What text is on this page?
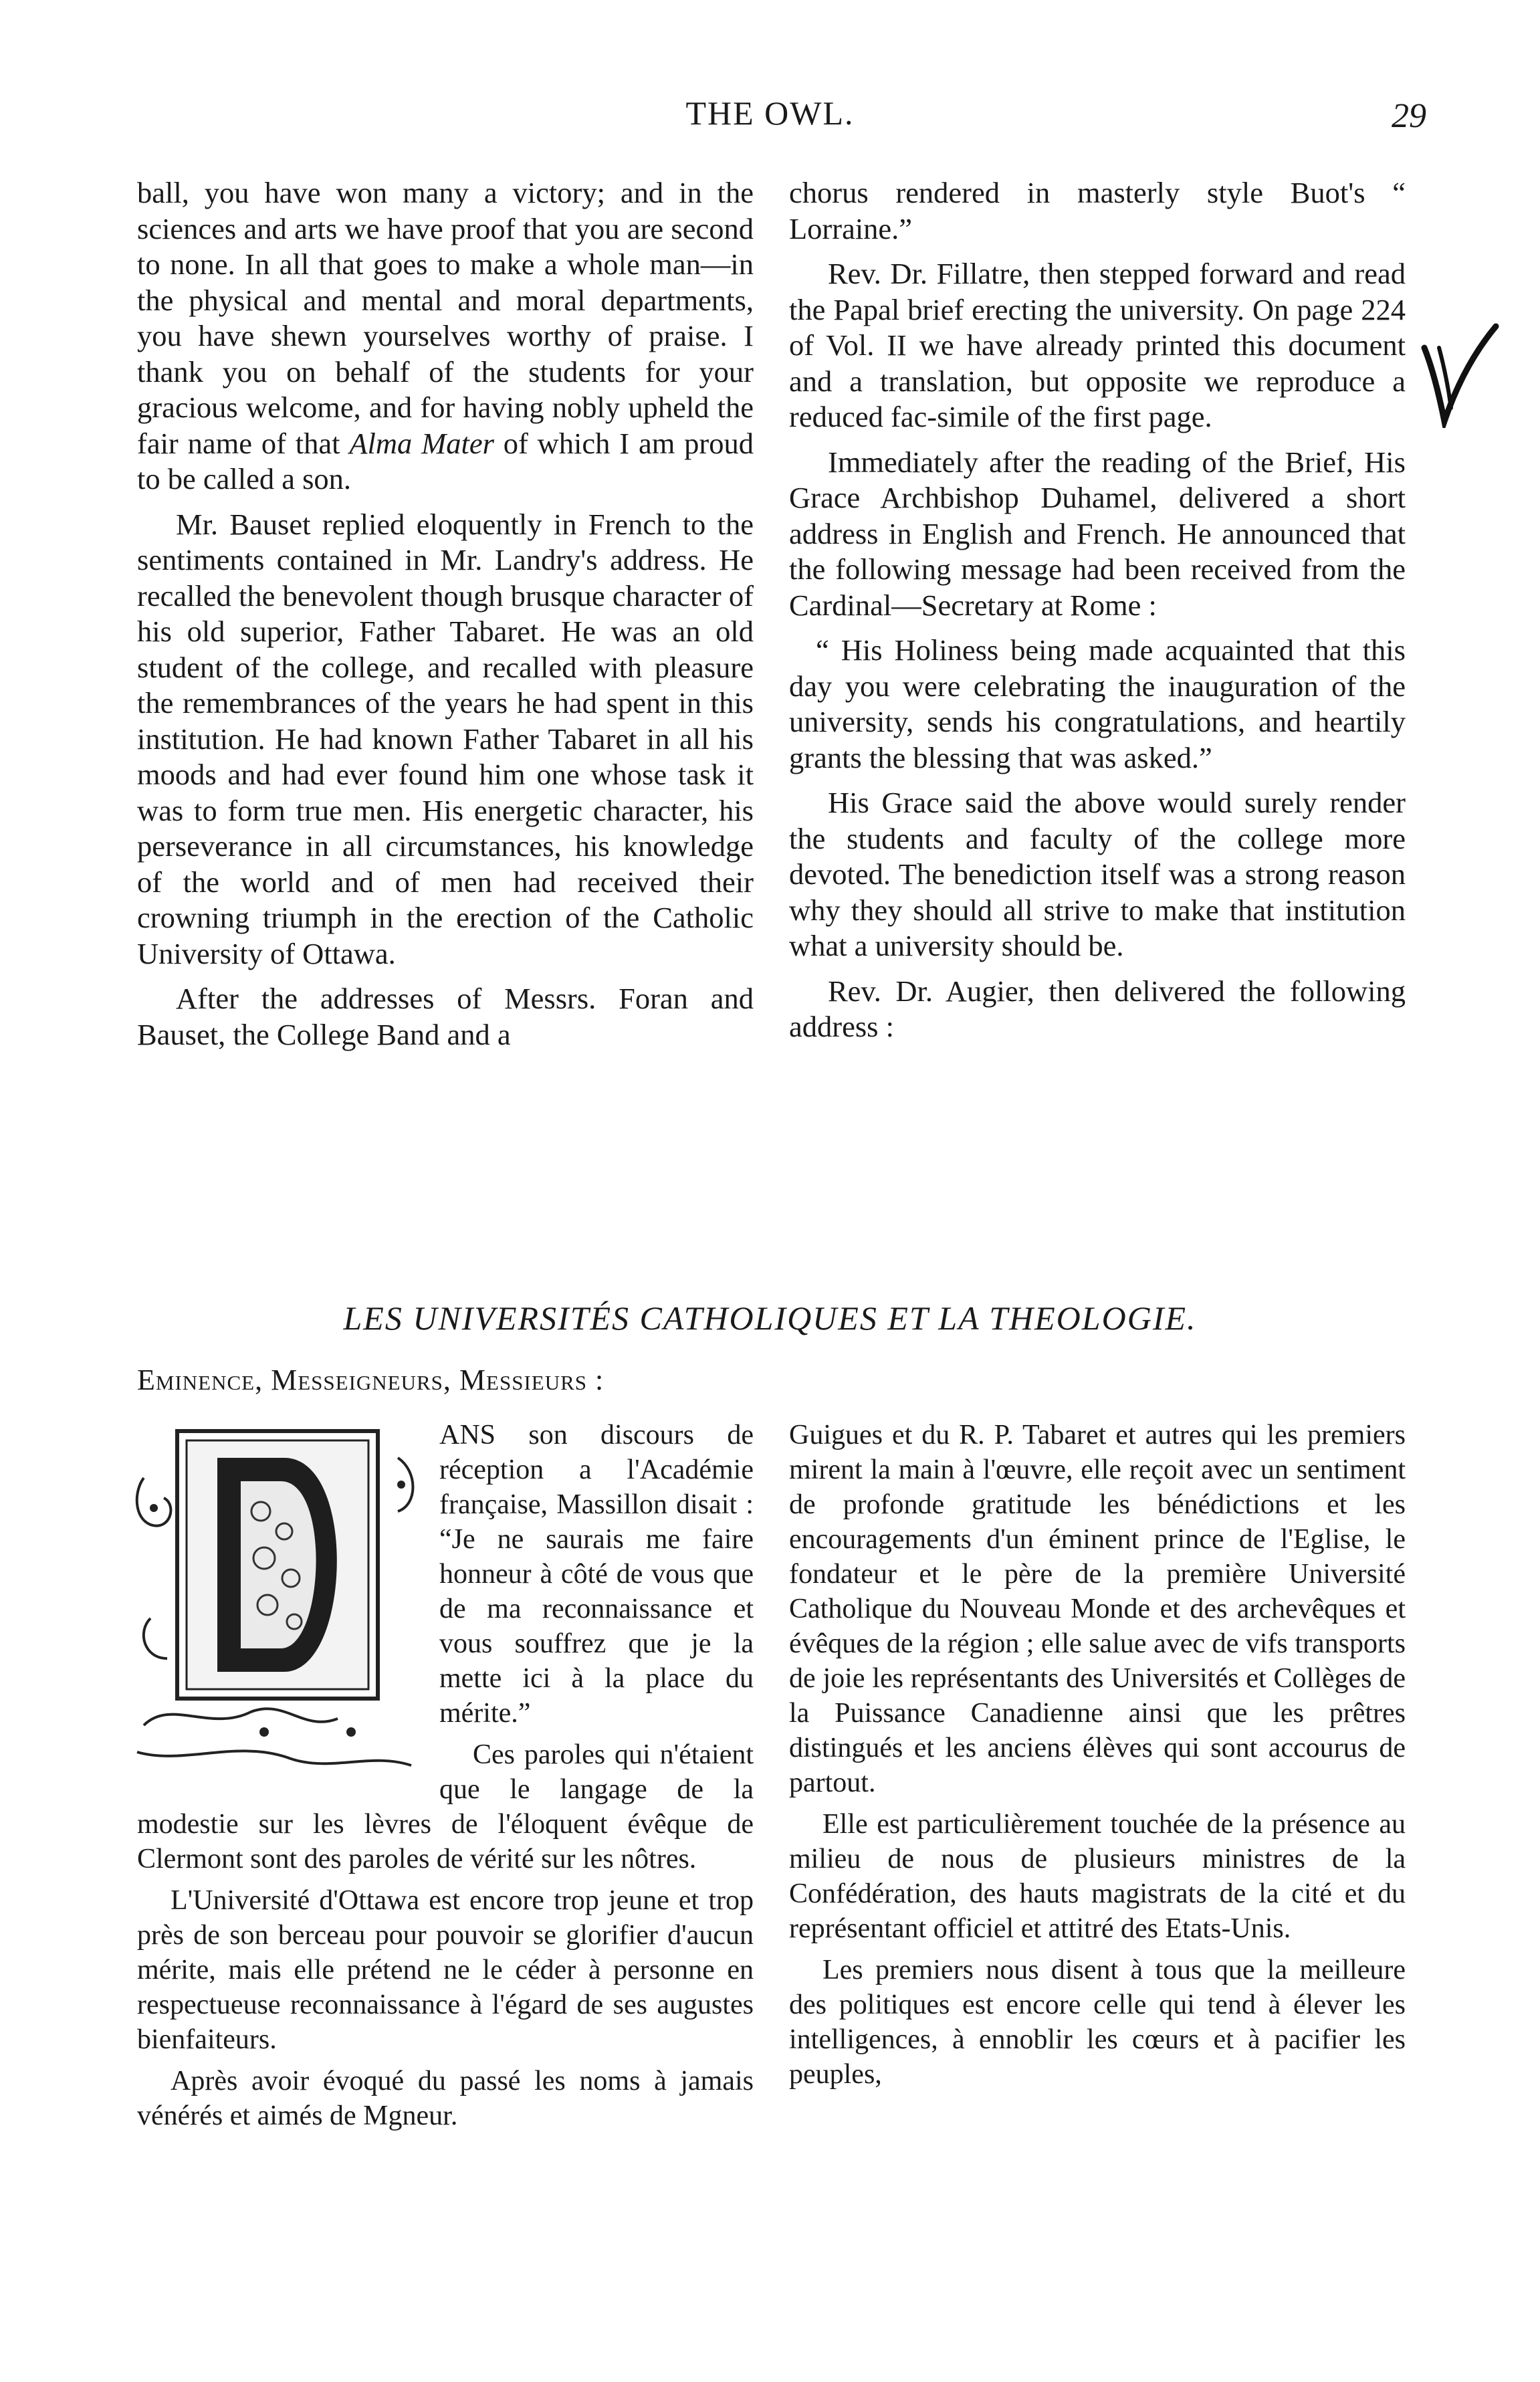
THE OWL.	29

ball, you have won many a victory; and in the sciences and arts we have proof that you are second to none. In all that goes to make a whole man—in the physical and mental and moral departments, you have shewn yourselves worthy of praise. I thank you on behalf of the students for your gracious welcome, and for having nobly upheld the fair name of that Alma Mater of which I am proud to be called a son.

Mr. Bauset replied eloquently in French to the sentiments contained in Mr. Landry's address. He recalled the benevolent though brusque character of his old superior, Father Tabaret. He was an old student of the college, and recalled with pleasure the remembrances of the years he had spent in this institution. He had known Father Tabaret in all his moods and had ever found him one whose task it was to form true men. His energetic character, his perseverance in all circumstances, his knowledge of the world and of men had received their crowning triumph in the erection of the Catholic University of Ottawa.

After the addresses of Messrs. Foran and Bauset, the College Band and a

chorus rendered in masterly style Buot's “ Lorraine.”

Rev. Dr. Fillatre, then stepped forward and read the Papal brief erecting the university. On page 224 of Vol. II we have already printed this document and a translation, but opposite we reproduce a reduced fac-simile of the first page.

Immediately after the reading of the Brief, His Grace Archbishop Duhamel, delivered a short address in English and French. He announced that the following message had been received from the Cardinal—Secretary at Rome :

“ His Holiness being made acquainted that this day you were celebrating the inauguration of the university, sends his congratulations, and heartily grants the blessing that was asked.”

His Grace said the above would surely render the students and faculty of the college more devoted. The benediction itself was a strong reason why they should all strive to make that institution what a university should be.

Rev. Dr. Augier, then delivered the following address :

LES UNIVERSITÉS CATHOLIQUES ET LA THEOLOGIE.
Eminence, Messeigneurs, Messieurs :

ANS son discours de réception a l'Académie française, Massillon disait : “Je ne saurais me faire honneur à côté de vous que de ma reconnaissance et vous souffrez que je la mette ici à la place du mérite.”

Ces paroles qui n'étaient que le langage de la modestie sur les lèvres de l'éloquent évêque de Clermont sont des paroles de vérité sur les nôtres.

L'Université d'Ottawa est encore trop jeune et trop près de son berceau pour pouvoir se glorifier d'aucun mérite, mais elle prétend ne le céder à personne en respectueuse reconnaissance à l'égard de ses augustes bienfaiteurs.

Après avoir évoqué du passé les noms à jamais vénérés et aimés de Mgneur.

Guigues et du R. P. Tabaret et autres qui les premiers mirent la main à l'œuvre, elle reçoit avec un sentiment de profonde gratitude les bénédictions et les encouragements d'un éminent prince de l'Eglise, le fondateur et le père de la première Université Catholique du Nouveau Monde et des archevêques et évêques de la région ; elle salue avec de vifs transports de joie les représentants des Universités et Collèges de la Puissance Canadienne ainsi que les prêtres distingués et les anciens élèves qui sont accourus de partout.

Elle est particulièrement touchée de la présence au milieu de nous de plusieurs ministres de la Confédération, des hauts magistrats de la cité et du représentant officiel et attitré des Etats-Unis.

Les premiers nous disent à tous que la meilleure des politiques est encore celle qui tend à élever les intelligences, à ennoblir les cœurs et à pacifier les peuples,
